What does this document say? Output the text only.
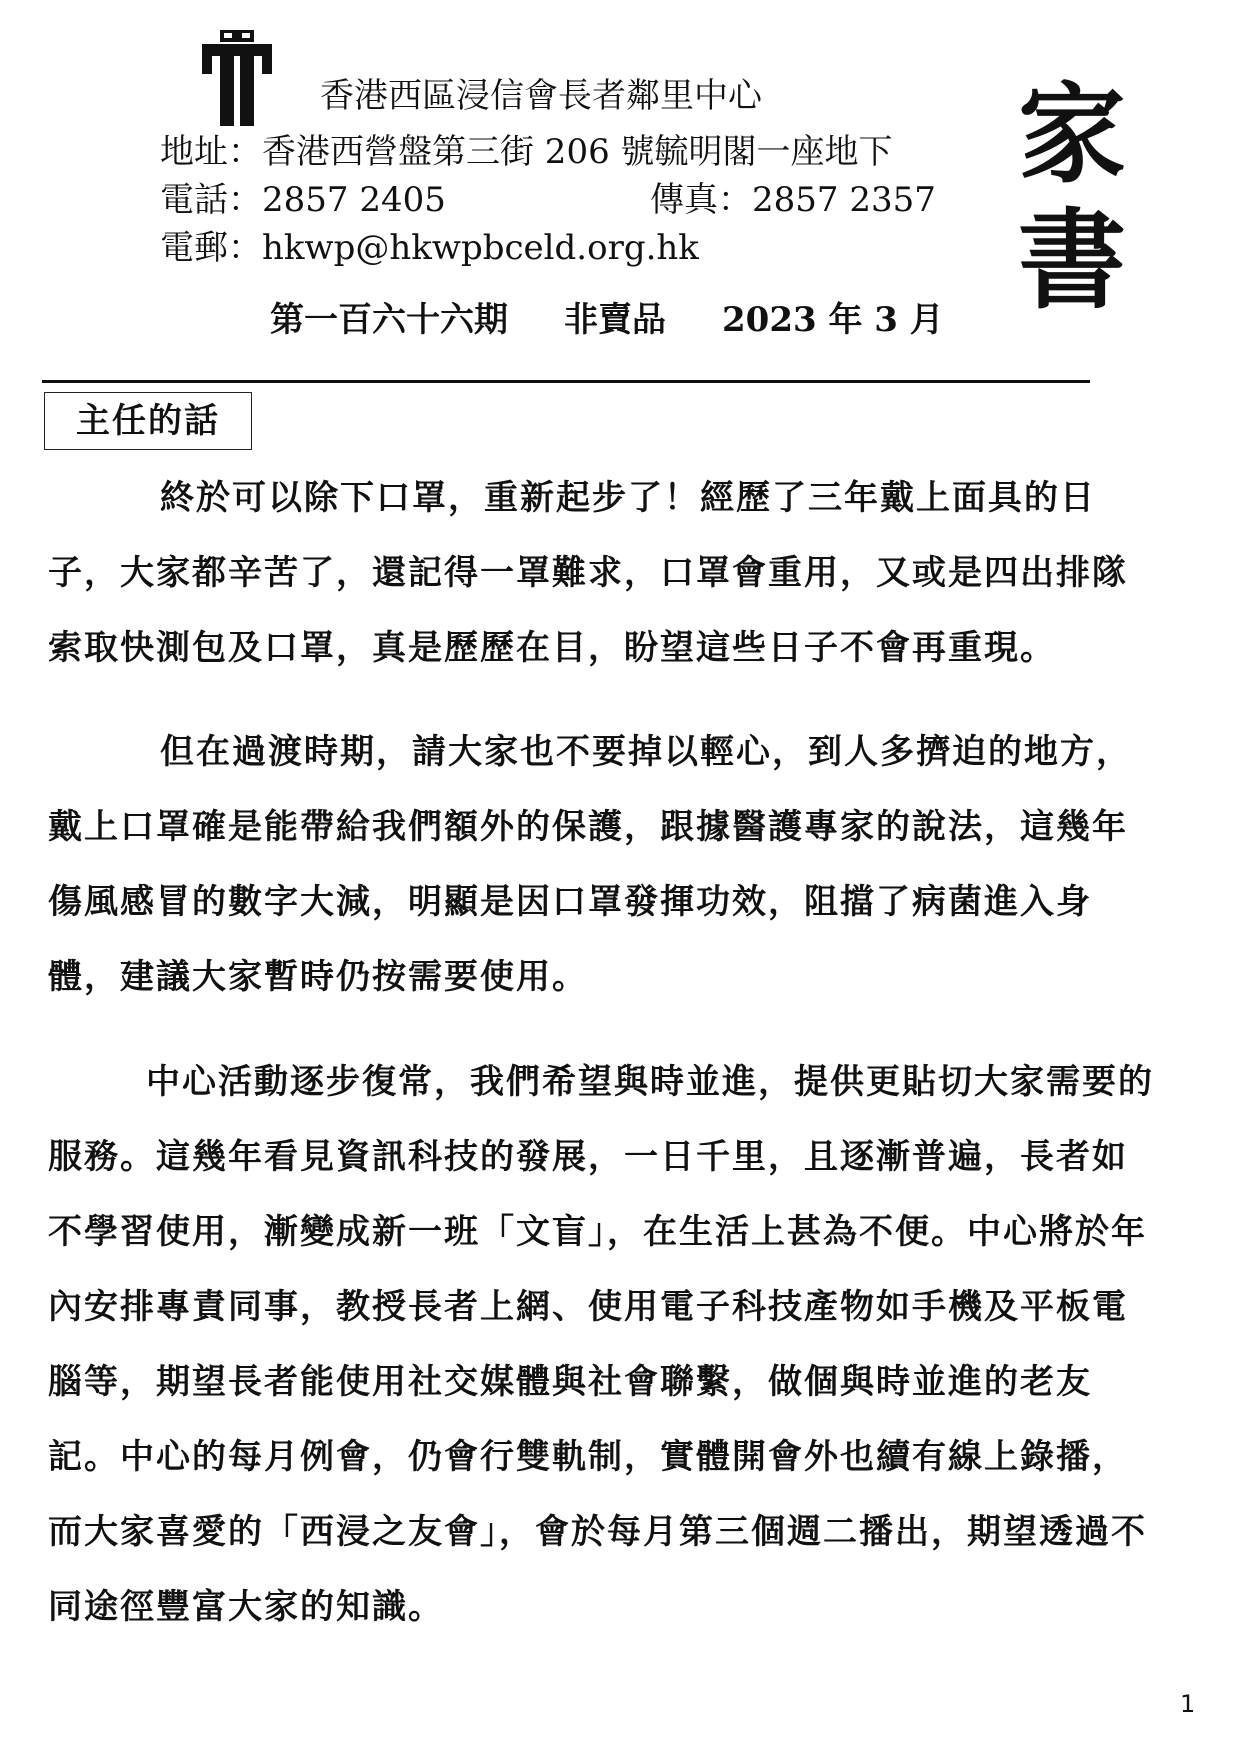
香港西區浸信會長者鄰里中心
地址：香港西營盤第三街 206 號毓明閣一座地下
電話：2857 2405	傳真：2857 2357
電郵：hkwp@hkwpbceld.org.hk
第一百六十六期 非賣品 2023 年 3 月
家
書
主任的話
終於可以除下口罩，重新起步了！經歷了三年戴上面具的日
子，大家都辛苦了，還記得一罩難求，口罩會重用，又或是四出排隊
索取快測包及口罩，真是歷歷在目，盼望這些日子不會再重現。
但在過渡時期，請大家也不要掉以輕心，到人多擠迫的地方，
戴上口罩確是能帶給我們額外的保護，跟據醫護專家的說法，這幾年
傷風感冒的數字大減，明顯是因口罩發揮功效，阻擋了病菌進入身
體，建議大家暫時仍按需要使用。
中心活動逐步復常，我們希望與時並進，提供更貼切大家需要的
服務。這幾年看見資訊科技的發展，一日千里，且逐漸普遍，長者如
不學習使用，漸變成新一班「文盲」，在生活上甚為不便。中心將於年
內安排專責同事，教授長者上網、使用電子科技產物如手機及平板電
腦等，期望長者能使用社交媒體與社會聯繫，做個與時並進的老友
記。中心的每月例會，仍會行雙軌制，實體開會外也續有線上錄播，
而大家喜愛的「西浸之友會」，會於每月第三個週二播出，期望透過不
同途徑豐富大家的知識。
1
